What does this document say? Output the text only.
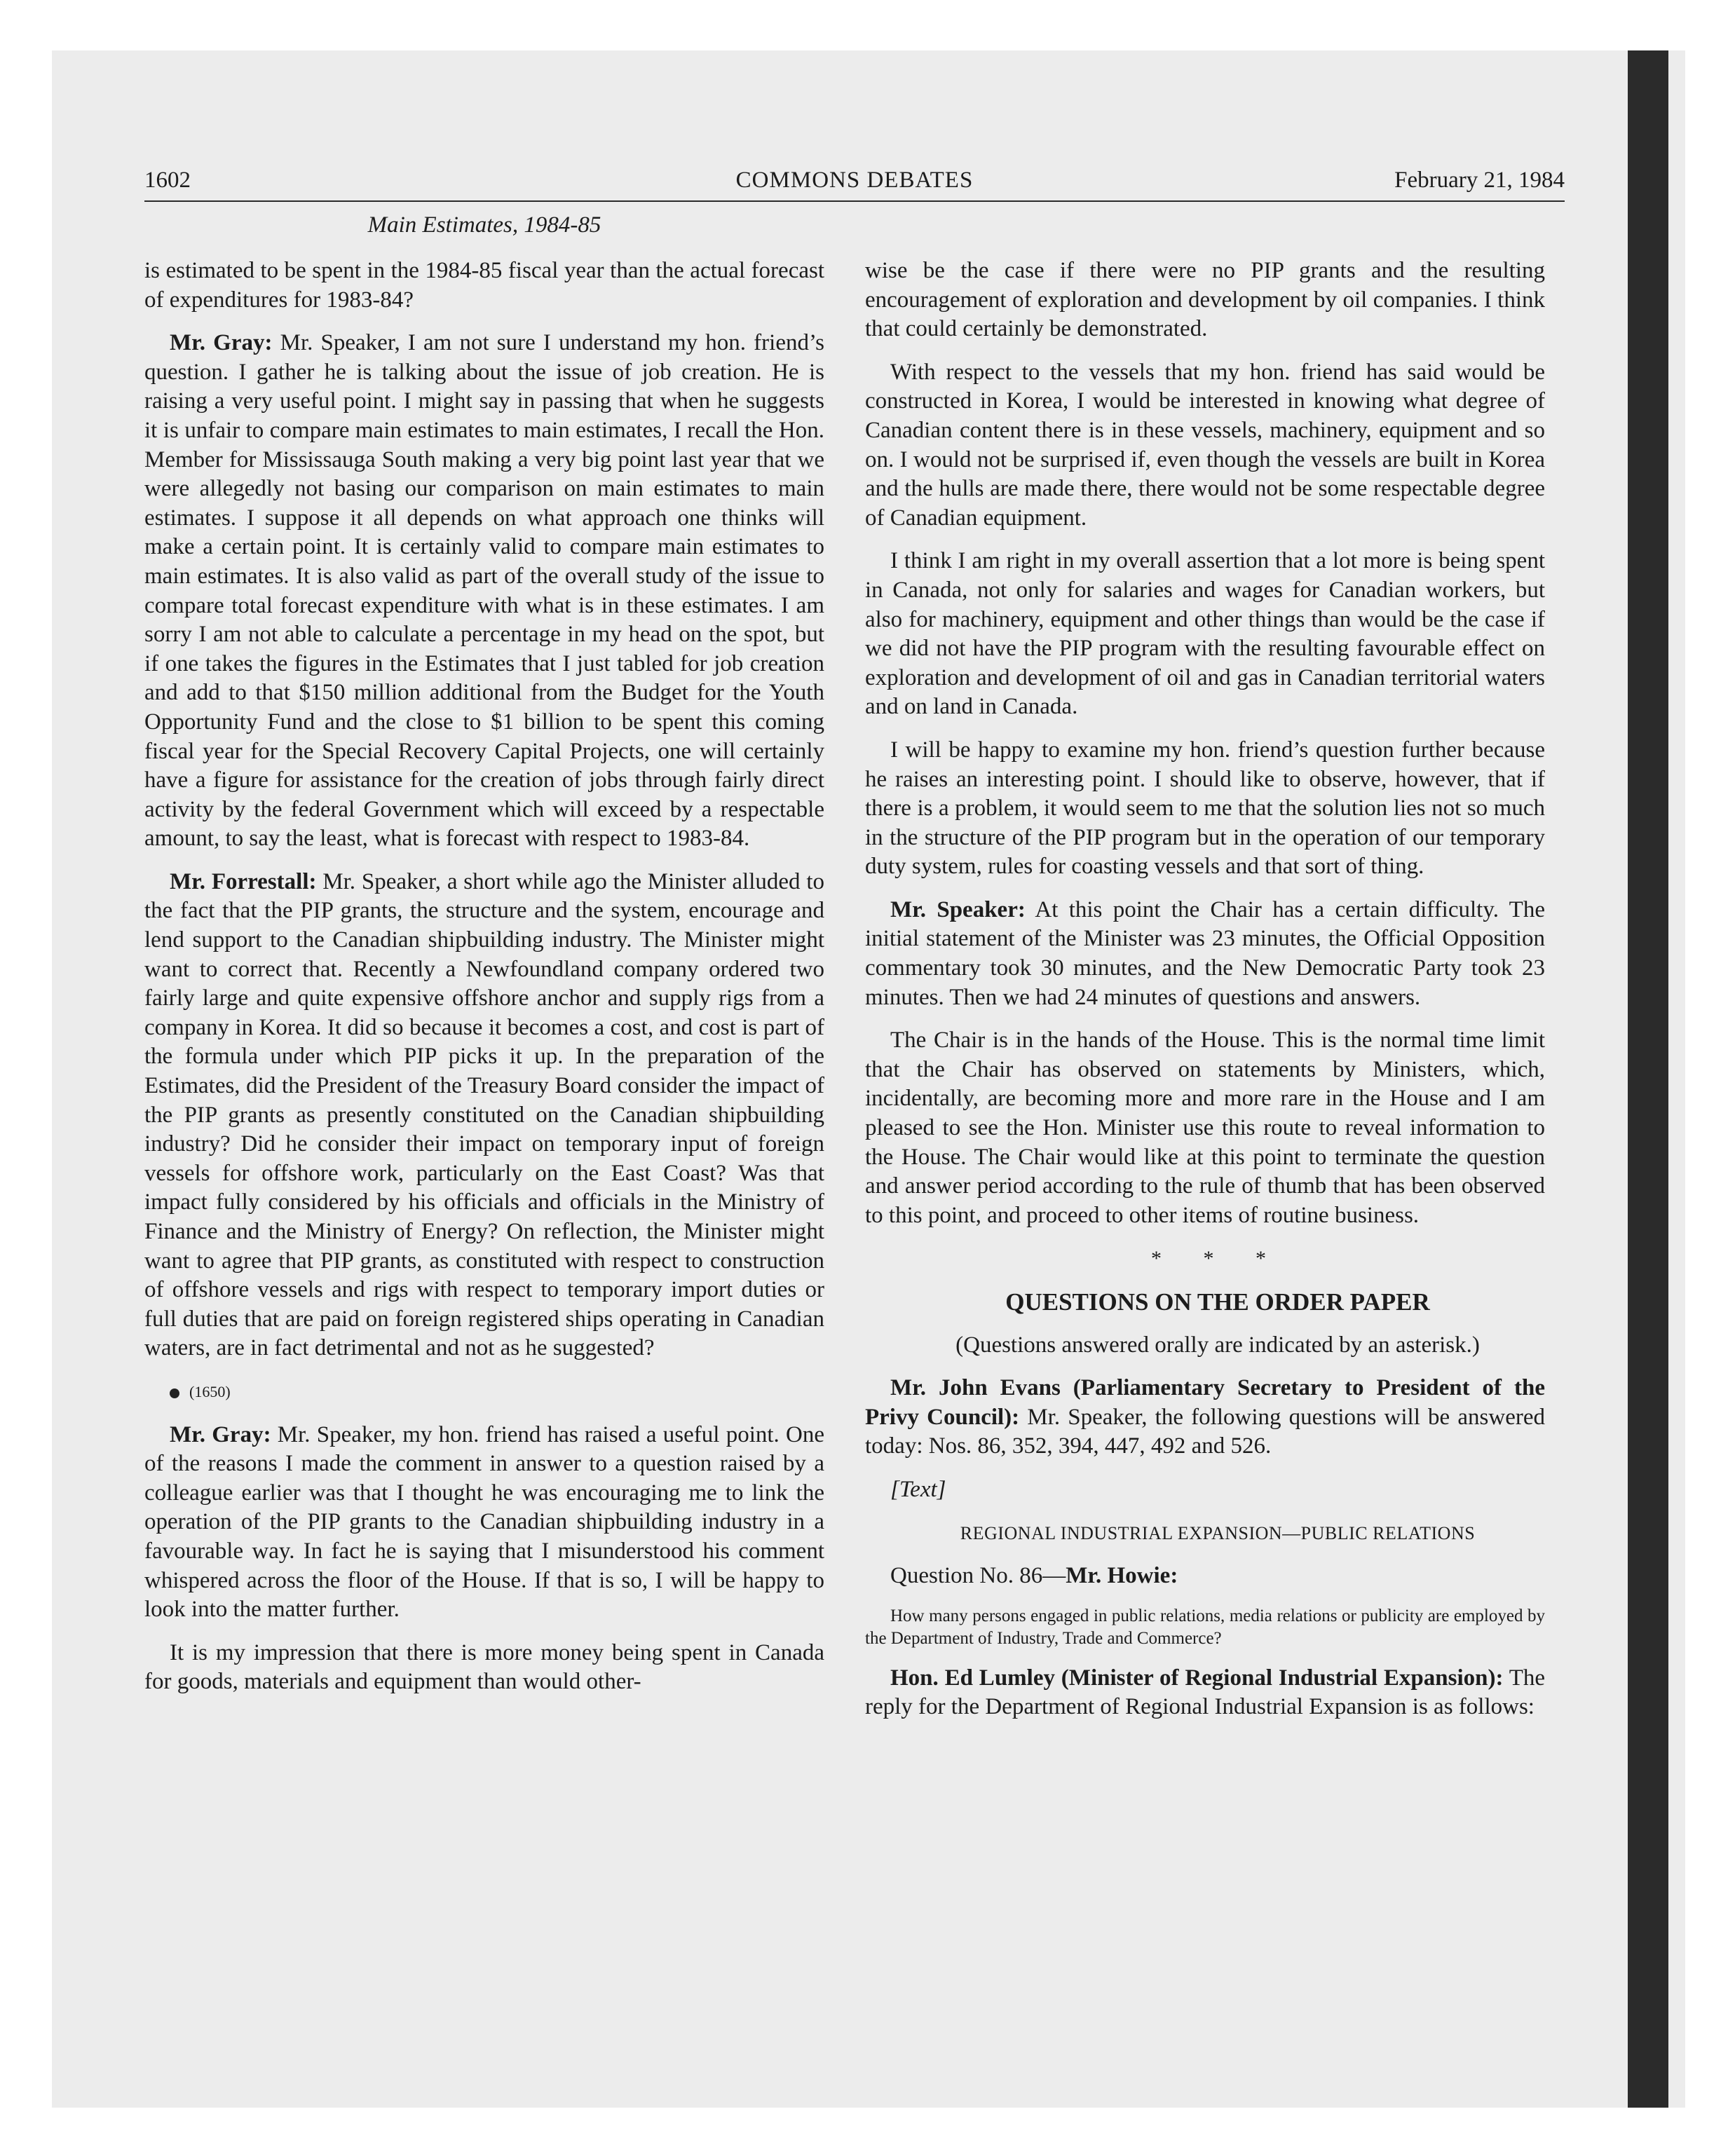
1602	COMMONS DEBATES	February 21, 1984
Main Estimates, 1984-85

is estimated to be spent in the 1984-85 fiscal year than the actual forecast of expenditures for 1983-84?

Mr. Gray: Mr. Speaker, I am not sure I understand my hon. friend’s question. I gather he is talking about the issue of job creation. He is raising a very useful point. I might say in passing that when he suggests it is unfair to compare main estimates to main estimates, I recall the Hon. Member for Mississauga South making a very big point last year that we were allegedly not basing our comparison on main estimates to main estimates. I suppose it all depends on what approach one thinks will make a certain point. It is certainly valid to compare main estimates to main estimates. It is also valid as part of the overall study of the issue to compare total forecast expenditure with what is in these estimates. I am sorry I am not able to calculate a percentage in my head on the spot, but if one takes the figures in the Estimates that I just tabled for job creation and add to that $150 million additional from the Budget for the Youth Opportunity Fund and the close to $1 billion to be spent this coming fiscal year for the Special Recovery Capital Projects, one will certainly have a figure for assistance for the creation of jobs through fairly direct activity by the federal Government which will exceed by a respectable amount, to say the least, what is forecast with respect to 1983-84.

Mr. Forrestall: Mr. Speaker, a short while ago the Minister alluded to the fact that the PIP grants, the structure and the system, encourage and lend support to the Canadian shipbuilding industry. The Minister might want to correct that. Recently a Newfoundland company ordered two fairly large and quite expensive offshore anchor and supply rigs from a company in Korea. It did so because it becomes a cost, and cost is part of the formula under which PIP picks it up. In the preparation of the Estimates, did the President of the Treasury Board consider the impact of the PIP grants as presently constituted on the Canadian shipbuilding industry? Did he consider their impact on temporary input of foreign vessels for offshore work, particularly on the East Coast? Was that impact fully considered by his officials and officials in the Ministry of Finance and the Ministry of Energy? On reflection, the Minister might want to agree that PIP grants, as constituted with respect to construction of offshore vessels and rigs with respect to temporary import duties or full duties that are paid on foreign registered ships operating in Canadian waters, are in fact detrimental and not as he suggested?

(1650)

Mr. Gray: Mr. Speaker, my hon. friend has raised a useful point. One of the reasons I made the comment in answer to a question raised by a colleague earlier was that I thought he was encouraging me to link the operation of the PIP grants to the Canadian shipbuilding industry in a favourable way. In fact he is saying that I misunderstood his comment whispered across the floor of the House. If that is so, I will be happy to look into the matter further.

It is my impression that there is more money being spent in Canada for goods, materials and equipment than would other-

wise be the case if there were no PIP grants and the resulting encouragement of exploration and development by oil companies. I think that could certainly be demonstrated.

With respect to the vessels that my hon. friend has said would be constructed in Korea, I would be interested in knowing what degree of Canadian content there is in these vessels, machinery, equipment and so on. I would not be surprised if, even though the vessels are built in Korea and the hulls are made there, there would not be some respectable degree of Canadian equipment.

I think I am right in my overall assertion that a lot more is being spent in Canada, not only for salaries and wages for Canadian workers, but also for machinery, equipment and other things than would be the case if we did not have the PIP program with the resulting favourable effect on exploration and development of oil and gas in Canadian territorial waters and on land in Canada.

I will be happy to examine my hon. friend’s question further because he raises an interesting point. I should like to observe, however, that if there is a problem, it would seem to me that the solution lies not so much in the structure of the PIP program but in the operation of our temporary duty system, rules for coasting vessels and that sort of thing.

Mr. Speaker: At this point the Chair has a certain difficulty. The initial statement of the Minister was 23 minutes, the Official Opposition commentary took 30 minutes, and the New Democratic Party took 23 minutes. Then we had 24 minutes of questions and answers.

The Chair is in the hands of the House. This is the normal time limit that the Chair has observed on statements by Ministers, which, incidentally, are becoming more and more rare in the House and I am pleased to see the Hon. Minister use this route to reveal information to the House. The Chair would like at this point to terminate the question and answer period according to the rule of thumb that has been observed to this point, and proceed to other items of routine business.

* * *

QUESTIONS ON THE ORDER PAPER

(Questions answered orally are indicated by an asterisk.)

Mr. John Evans (Parliamentary Secretary to President of the Privy Council): Mr. Speaker, the following questions will be answered today: Nos. 86, 352, 394, 447, 492 and 526.

[Text]

REGIONAL INDUSTRIAL EXPANSION—PUBLIC RELATIONS

Question No. 86—Mr. Howie:

How many persons engaged in public relations, media relations or publicity are employed by the Department of Industry, Trade and Commerce?

Hon. Ed Lumley (Minister of Regional Industrial Expansion): The reply for the Department of Regional Industrial Expansion is as follows:
